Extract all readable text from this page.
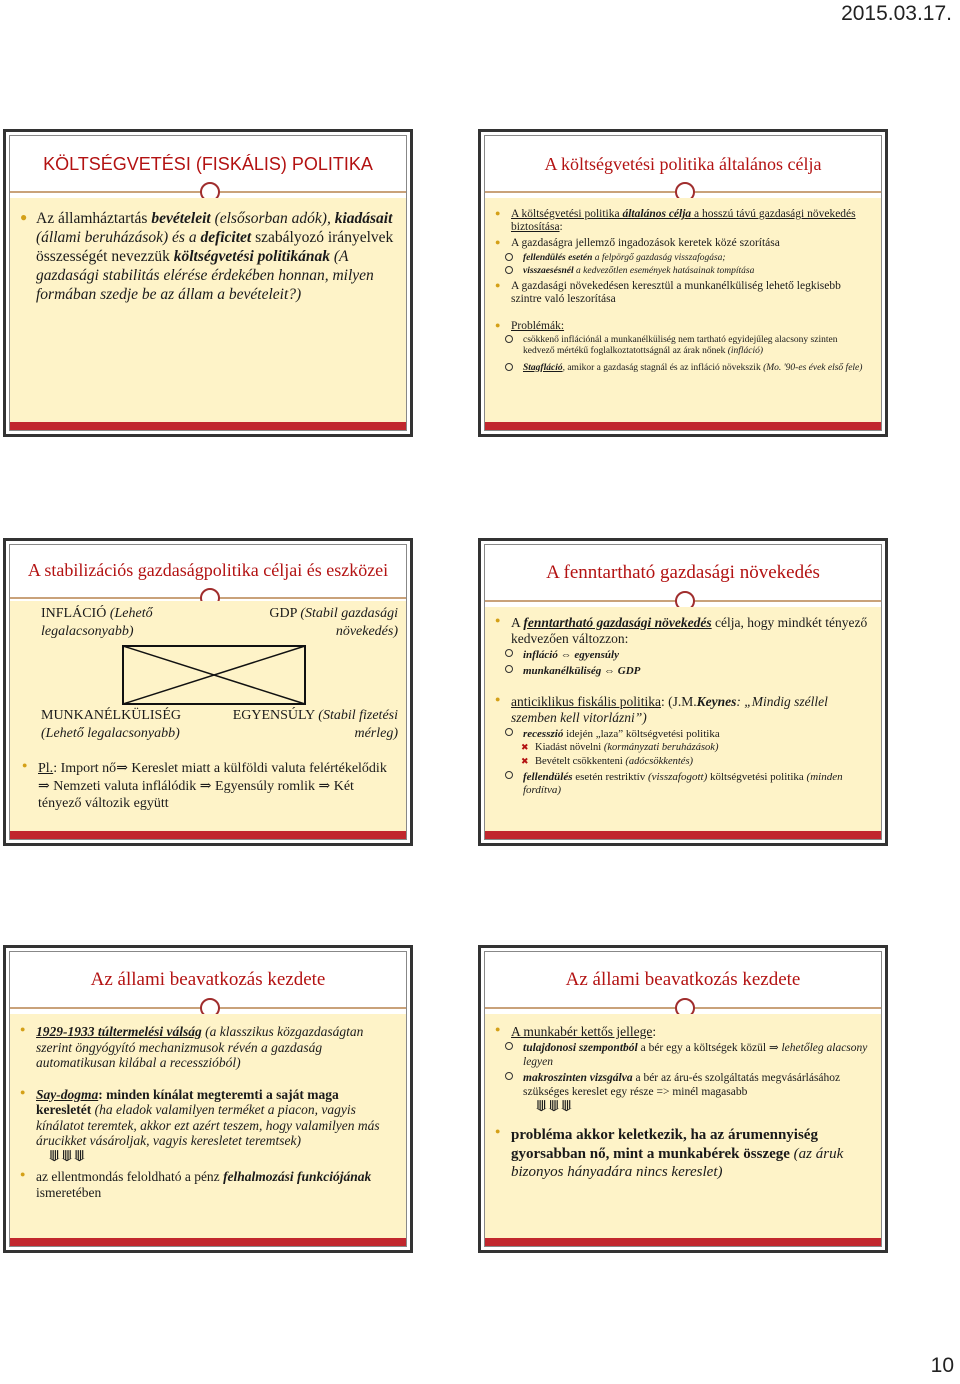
2015.03.17.
KÖLTSÉGVETÉSI (FISKÁLIS) POLITIKA

● Az államháztartás bevételeit (elsősorban adók), kiadásait (állami beruházások) és a deficitet szabályozó irányelvek összességét nevezzük költségvetési politikának (A gazdasági stabilitás elérése érdekében honnan, milyen formában szedje be az állam a bevételeit?)

A költségvetési politika általános célja

● A költségvetési politika általános célja a hosszú távú gazdasági növekedés biztosítása:

● A gazdaságra jellemző ingadozások keretek közé szorítása

fellendülés esetén a felpörgő gazdaság visszafogása;

visszaesésnél a kedvezőtlen események hatásainak tompítása

● A gazdasági növekedésen keresztül a munkanélküliség lehető legkisebb szintre való leszorítása

● Problémák:

csökkenő inflációnál a munkanélküliség nem tartható egyidejűleg alacsony szinten kedvező mértékű foglalkoztatottságnál az árak nőnek (infláció)

Stagfláció, amikor a gazdaság stagnál és az infláció növekszik (Mo. '90-es évek első fele)

A stabilizációs gazdaságpolitika céljai és eszközei
INFLÁCIÓ (Lehető legalacsonyabb)
GDP (Stabil gazdasági növekedés)
MUNKANÉLKÜLISÉG (Lehető legalacsonyabb)
EGYENSÚLY (Stabil fizetési mérleg)

● Pl.: Import nő⇒ Kereslet miatt a külföldi valuta felértékelődik ⇒ Nemzeti valuta inflálódik ⇒ Egyensúly romlik ⇒ Két tényező változik együtt

A fenntartható gazdasági növekedés

● A fenntartható gazdasági növekedés célja, hogy mindkét tényező kedvezően változzon:

infláció ⇔ egyensúly

munkanélküliség ⇔ GDP

● anticiklikus fiskális politika: (J.M.Keynes: „Mindig széllel szemben kell vitorlázni”)

recesszió idején „laza” költségvetési politika

✖ Kiadást növelni (kormányzati beruházások)

✖ Bevételt csökkenteni (adócsökkentés)

fellendülés esetén restriktív (visszafogott) költségvetési politika (minden fordítva)

Az állami beavatkozás kezdete

● 1929-1933 túltermelési válság (a klasszikus közgazdaságtan szerint öngyógyító mechanizmusok révén a gazdaság automatikusan kilábal a recesszióból)

● Say-dogma: minden kínálat megteremti a saját maga keresletét (ha eladok valamilyen terméket a piacon, vagyis kínálatot teremtek, akkor ezt azért teszem, hogy valamilyen más árucikket vásároljak, vagyis keresletet teremtsek)

⟱⟱⟱

● az ellentmondás feloldható a pénz felhalmozási funkciójának ismeretében

Az állami beavatkozás kezdete

● A munkabér kettős jellege:

tulajdonosi szempontból a bér egy a költségek közül ⇒ lehetőleg alacsony legyen

makroszinten vizsgálva a bér az áru-és szolgáltatás megvásárlásához szükséges kereslet egy része => minél magasabb

⟱⟱⟱

● probléma akkor keletkezik, ha az árumennyiség gyorsabban nő, mint a munkabérek összege (az áruk bizonyos hányadára nincs kereslet)

10
